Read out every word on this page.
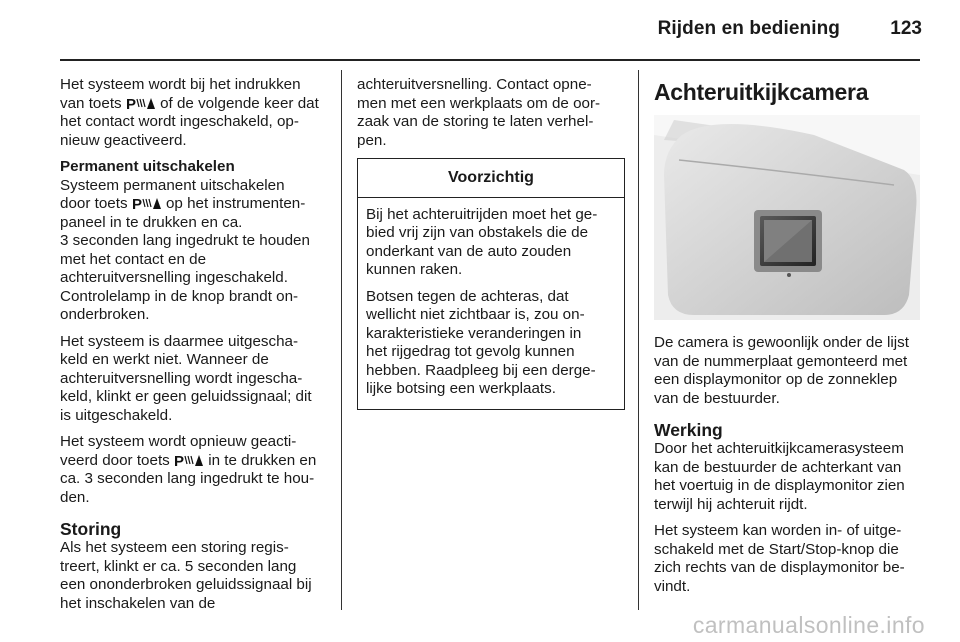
Rijden en bediening	123

Het systeem wordt bij het indrukken
van toets P of de volgende keer dat
het contact wordt ingeschakeld, op-
nieuw geactiveerd.

Permanent uitschakelen
Systeem permanent uitschakelen
door toets P op het instrumenten-
paneel in te drukken en ca.
3 seconden lang ingedrukt te houden
met het contact en de
achteruitversnelling ingeschakeld.
Controlelamp in de knop brandt on-
onderbroken.

Het systeem is daarmee uitgescha-
keld en werkt niet. Wanneer de
achteruitversnelling wordt ingescha-
keld, klinkt er geen geluidssignaal; dit
is uitgeschakeld.

Het systeem wordt opnieuw geacti-
veerd door toets P in te drukken en
ca. 3 seconden lang ingedrukt te hou-
den.

Storing

Als het systeem een storing regis-
treert, klinkt er ca. 5 seconden lang
een ononderbroken geluidssignaal bij
het inschakelen van de

achteruitversnelling. Contact opne-
men met een werkplaats om de oor-
zaak van de storing te laten verhel-
pen.

Voorzichtig

Bij het achteruitrijden moet het ge-
bied vrij zijn van obstakels die de
onderkant van de auto zouden
kunnen raken.

Botsen tegen de achteras, dat
wellicht niet zichtbaar is, zou on-
karakteristieke veranderingen in
het rijgedrag tot gevolg kunnen
hebben. Raadpleeg bij een derge-
lijke botsing een werkplaats.

Achteruitkijkcamera

De camera is gewoonlijk onder de lijst
van de nummerplaat gemonteerd met
een displaymonitor op de zonneklep
van de bestuurder.

Werking

Door het achteruitkijkcamerasysteem
kan de bestuurder de achterkant van
het voertuig in de displaymonitor zien
terwijl hij achteruit rijdt.

Het systeem kan worden in- of uitge-
schakeld met de Start/Stop-knop die
zich rechts van de displaymonitor be-
vindt.

carmanualsonline.info
